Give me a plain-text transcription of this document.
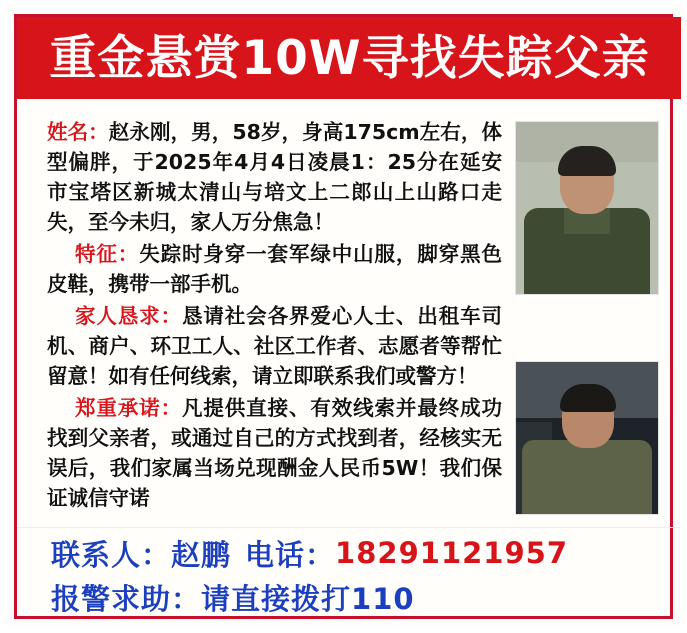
重金悬赏10W寻找失踪父亲
姓名：赵永刚，男，58岁，身高175cm左右，体型偏胖，于2025年4月4日凌晨1：25分在延安市宝塔区新城太清山与培文上二郎山上山路口走失，至今未归，家人万分焦急！
特征：失踪时身穿一套军绿中山服，脚穿黑色皮鞋，携带一部手机。
家人恳求：恳请社会各界爱心人士、出租车司机、商户、环卫工人、社区工作者、志愿者等帮忙留意！如有任何线索，请立即联系我们或警方！
郑重承诺：凡提供直接、有效线索并最终成功找到父亲者，或通过自己的方式找到者，经核实无误后，我们家属当场兑现酬金人民币5W！我们保证诚信守诺
联系人： 赵鹏 电话： 18291121957
报警求助： 请直接拨打110
